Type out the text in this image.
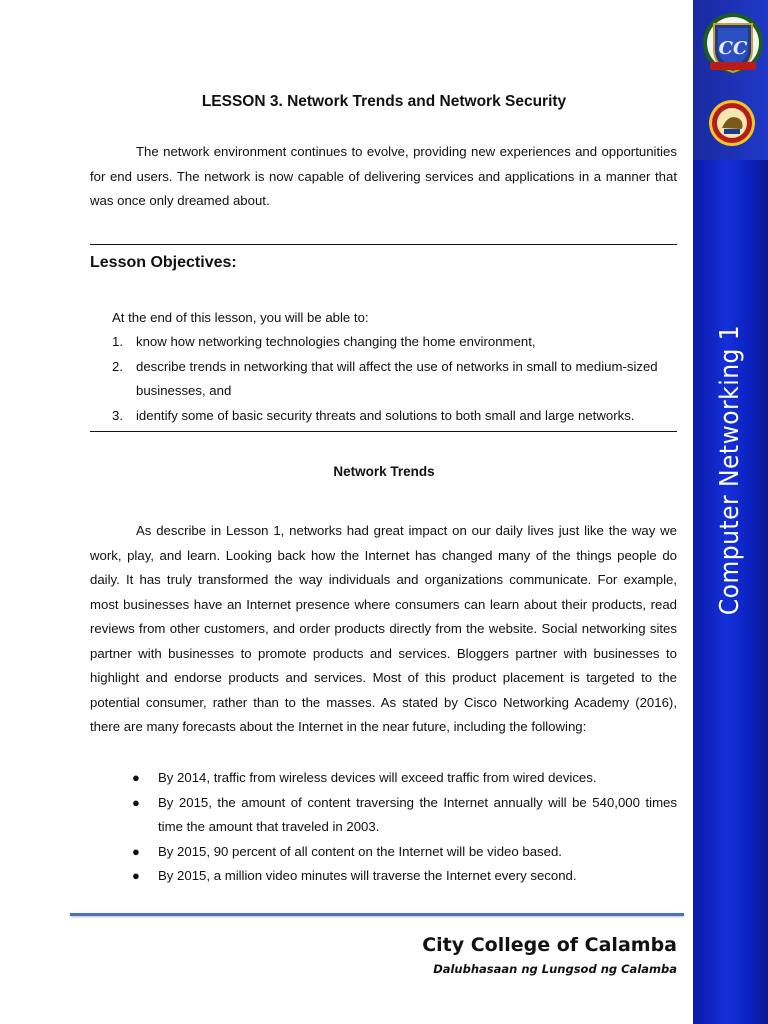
CC
Computer Networking 1
LESSON 3. Network Trends and Network Security
The network environment continues to evolve, providing new experiences and opportunities for end users. The network is now capable of delivering services and applications in a manner that was once only dreamed about.
Lesson Objectives:
At the end of this lesson, you will be able to:
1. know how networking technologies changing the home environment,
2. describe trends in networking that will affect the use of networks in small to medium-sized businesses, and
3. identify some of basic security threats and solutions to both small and large networks.
Network Trends
As describe in Lesson 1, networks had great impact on our daily lives just like the way we work, play, and learn. Looking back how the Internet has changed many of the things people do daily. It has truly transformed the way individuals and organizations communicate. For example, most businesses have an Internet presence where consumers can learn about their products, read reviews from other customers, and order products directly from the website. Social networking sites partner with businesses to promote products and services. Bloggers partner with businesses to highlight and endorse products and services. Most of this product placement is targeted to the potential consumer, rather than to the masses. As stated by Cisco Networking Academy (2016), there are many forecasts about the Internet in the near future, including the following:
● By 2014, traffic from wireless devices will exceed traffic from wired devices.
● By 2015, the amount of content traversing the Internet annually will be 540,000 times time the amount that traveled in 2003.
● By 2015, 90 percent of all content on the Internet will be video based.
● By 2015, a million video minutes will traverse the Internet every second.
City College of Calamba
Dalubhasaan ng Lungsod ng Calamba
